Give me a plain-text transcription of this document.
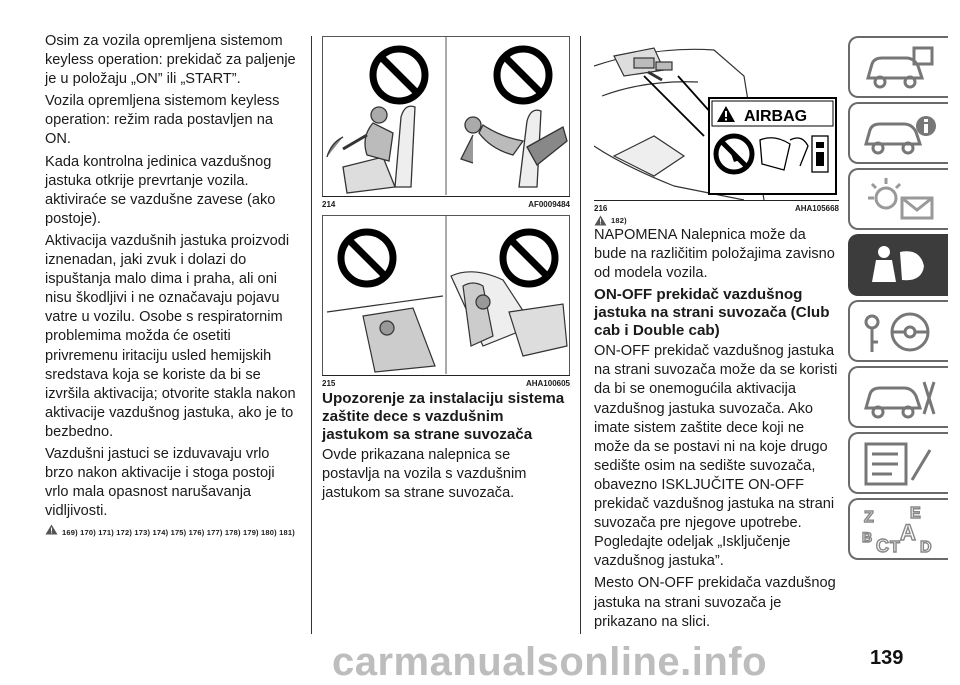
Osim za vozila opremljena sistemom keyless operation: prekidač za paljenje je u položaju „ON” ili „START”.

Vozila opremljena sistemom keyless operation: režim rada postavljen na ON.

Kada kontrolna jedinica vazdušnog jastuka otkrije prevrtanje vozila. aktiviraće se vazdušne zavese (ako postoje).

Aktivacija vazdušnih jastuka proizvodi iznenadan, jaki zvuk i dolazi do ispuštanja malo dima i praha, ali oni nisu škodljivi i ne označavaju pojavu vatre u vozilu. Osobe s respiratornim problemima možda će osetiti privremenu iritaciju usled hemijskih sredstava koja se koriste da bi se izvršila aktivacija; otvorite stakla nakon aktivacije vazdušnog jastuka, ako je to bezbedno.

Vazdušni jastuci se izduvavaju vrlo brzo nakon aktivacije i stoga postoji vrlo mala opasnost narušavanja vidljivosti.

169) 170) 171) 172) 173) 174) 175) 176) 177) 178) 179) 180) 181)
214	AF0009484
215	AHA100605
Upozorenje za instalaciju sistema zaštite dece s vazdušnim jastukom sa strane suvozača

Ovde prikazana nalepnica se postavlja na vozila s vazdušnim jastukom sa strane suvozača.

AIRBAG
216	AHA105668
182)

NAPOMENA Nalepnica može da bude na različitim položajima zavisno od modela vozila.

ON-OFF prekidač vazdušnog jastuka na strani suvozača (Club cab i Double cab)

ON-OFF prekidač vazdušnog jastuka na strani suvozača može da se koristi da bi se onemogućila aktivacija vazdušnog jastuka suvozača. Ako imate sistem zaštite dece koji ne može da se postavi ni na koje drugo sedište osim na sedište suvozača, obavezno ISKLJUČITE ON-OFF prekidač vazdušnog jastuka na strani suvozača pre njegove upotrebe. Pogledajte odeljak „Isključenje vazdušnog jastuka”.

Mesto ON-OFF prekidača vazdušnog jastuka na strani suvozača je prikazano na slici.

Z E
B A
C T D
carmanualsonline.info	139
